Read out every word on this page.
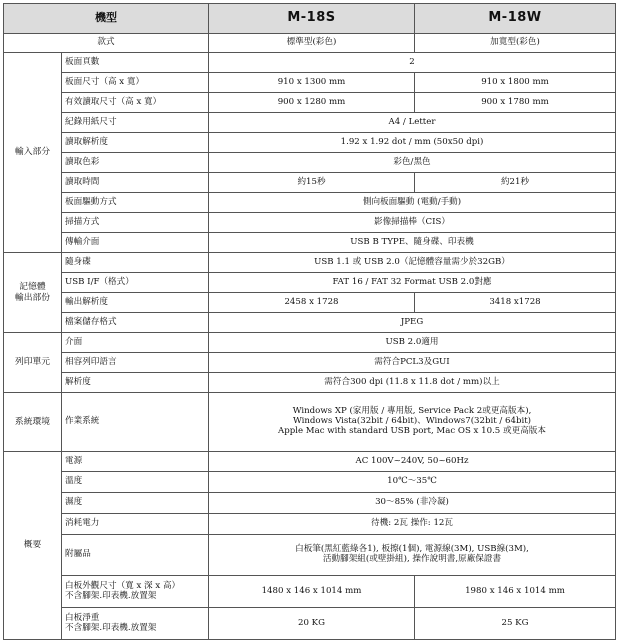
機型		M-18S	M-18W
款式		標準型(彩色)	加寬型(彩色)
輸入部分	板面頁數	2	
	板面尺寸（高 x 寬）	910 x 1300 mm	910 x 1800 mm
	有效讀取尺寸（高 x 寬）	900 x 1280 mm	900 x 1780 mm
	紀錄用紙尺寸	A4 / Letter	
	讀取解析度	1.92 x 1.92 dot / mm (50x50 dpi)	
	讀取色彩	彩色/黑色	
	讀取時間	約15秒	約21秒
	板面驅動方式	側向板面驅動 (電動/手動)	
	掃描方式	影像掃描棒（CIS）	
	傳輸介面	USB B TYPE、隨身碟、印表機	
記憶體
輸出部份	隨身碟	USB 1.1 或 USB 2.0（記憶體容量需少於32GB）	
	USB I/F（格式）	FAT 16 / FAT 32 Format USB 2.0對應	
	輸出解析度	2458 x 1728	3418 x1728
	檔案儲存格式	JPEG	
列印單元	介面	USB 2.0適用	
	相容列印語言	需符合PCL3及GUI	
	解析度	需符合300 dpi (11.8 x 11.8 dot / mm)以上	
系統環境	作業系統	Windows XP (家用版 / 專用版, Service Pack 2或更高版本),
Windows Vista(32bit / 64bit)、Windows7(32bit / 64bit)
Apple Mac with standard USB port, Mac OS x 10.5 或更高版本	
概要	電源	AC 100V~240V, 50~60Hz	
	溫度	10℃～35℃	
	濕度	30～85% (非冷凝)	
	消耗電力	待機: 2瓦 操作: 12瓦	
	附屬品	白板筆(黑紅藍綠各1), 板擦(1個), 電源線(3M), USB線(3M),
活動腳架組(或壁掛組), 操作說明書,原廠保證書	
	白板外觀尺寸（寬 x 深 x 高）
不含腳架.印表機.放置架	1480 x 146 x 1014 mm	1980 x 146 x 1014 mm
	白板淨重
不含腳架.印表機.放置架	20 KG	25 KG
